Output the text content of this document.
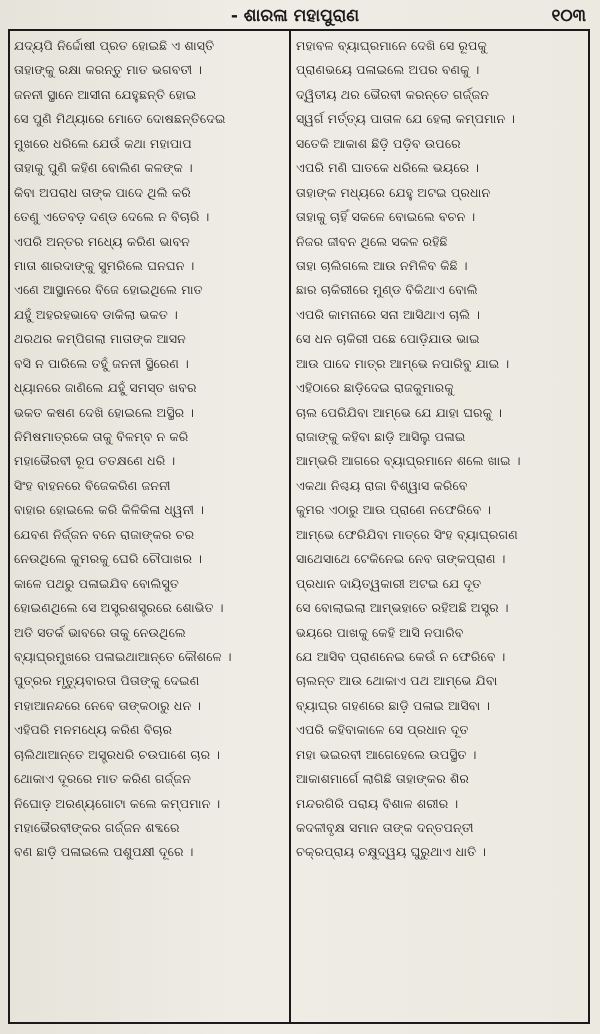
- ଶାରଳା ମହାପୁରାଣ	୧୦୩
ଯଦ୍ୟପି ନିର୍ଦ୍ଦୋଷୀ ପ୍ରତ ହୋଇଛି ଏ ଶାସ୍ତି
ତାହାଙ୍କୁ ରକ୍ଷା କରନ୍ତୁ ମାତ ଭଗବତୀ ।
ଜନନୀ ସ୍ଥାନେ ଆସୀନା ଯେହୁଛନ୍ତି ହୋଇ
ସେ ପୁଣି ମିଥ୍ୟାରେ ମୋତେ ଦୋଷଛନ୍ତିଦେଇ
ମୁଖରେ ଧରିଲେ ଯେଉଁ କଥା ମହାପାପ
ତାହାକୁ ପୁଣି କହିଣ ବୋଲିଣ କଳଙ୍କ ।
କିବା ଅପରାଧ ତାଙ୍କ ପାଦେ ଥିଲି କରି
ତେଣୁ ଏତେବଡ଼ ଦଣ୍ଡ ଦେଲେ ନ ବିଚାରି ।
ଏପରି ଅନ୍ତର ମଧ୍ୟେ କରିଣ ଭାବନ
ମାତା ଶାରଦାଙ୍କୁ ସୁମରିଲେ ଘନଘନ ।
ଏଣେ ଆସ୍ଥାନରେ ବିଜେ ହୋଇଥିଲେ ମାତ
ଯହୁଁ ଅହରହଭାବେ ଡାକିଲା ଭକତ ।
ଥରଥର କମ୍ପିଗଲା ମାତାଙ୍କ ଆସନ
ବସି ନ ପାରିଲେ ତହୁଁ ଜନନୀ ସ୍ଥିରେଣ ।
ଧ୍ୟାନରେ ଜାଣିଲେ ଯହୁଁ ସମସ୍ତ ଖବର
ଭକତ କଷଣ ଦେଖି ହୋଇଲେ ଅସ୍ଥିର ।
ନିମିଷମାତ୍ରକେ ତାକୁ ବିଳମ୍ବ ନ କରି
ମହାଭୈରବୀ ରୂପ ତତକ୍ଷଣେ ଧରି ।
ସିଂହ ବାହନରେ ବିଜେକରିଣ ଜନନୀ
ବାହାର ହୋଇଲେ କରି କିଳିକିଳା ଧ୍ୱନୀ ।
ଯେବଣ ନିର୍ଜ୍ଜନ ବନେ ରାଜାଙ୍କର ଚର
ନେଉଥିଲେ କୁମରକୁ ଘେରି ଚୌପାଖର ।
କାଳେ ପଥରୁ ପଳାଇଯିବ ବୋଲିସୁତ
ହୋଇଣଥିଲେ ସେ ଅସ୍ତ୍ରଶସ୍ତ୍ରରେ ଶୋଭିତ ।
ଅତି ସତର୍କ ଭାବରେ ତାକୁ ନେଉଥିଲେ
ବ୍ୟାଘ୍ରମୁଖରେ ପଳାଇଥାଆନ୍ତେ କୌଶଳେ ।
ପୁତ୍ରର ମୃତ୍ୟୁବାରତା ପିତାଙ୍କୁ ଦେଇଣ
ମହାଆନନ୍ଦରେ ନେବେ ତାଙ୍କଠାରୁ ଧନ ।
ଏହିପରି ମନମଧ୍ୟେ କରିଣ ବିଚାର
ଚାଲିଥାଆନ୍ତେ ଅସ୍ତ୍ରଧରି ଚଉପାଶେ ଚାର ।
ଥୋକାଏ ଦୂରରେ ମାତ କରିଣ ଗର୍ଜ୍ଜନ
ନିଘୋଡ଼ ଅରଣ୍ୟଗୋଟା କଲେ କମ୍ପମାନ ।
ମହାଭୈରବୀଙ୍କର ଗର୍ଜ୍ଜନ ଶବ୍ଦରେ
ବଣ ଛାଡ଼ି ପଳାଇଲେ ପଶୁପକ୍ଷୀ ଦୂରେ ।
ମହାବଳ ବ୍ୟାଘ୍ରମାନେ ଦେଖି ସେ ରୂପକୁ
ପ୍ରାଣଭୟେ ପଳାଇଲେ ଅପର ବଣକୁ ।
ଦ୍ୱିତୀୟ ଥର ଭୈରବୀ କରନ୍ତେ ଗର୍ଜ୍ଜନ
ସ୍ୱର୍ଗ ମର୍ତ୍ତ୍ୟ ପାତାଳ ଯେ ହେଲା କମ୍ପମାନ ।
ସତେକି ଆକାଶ ଛିଡ଼ି ପଡ଼ିବ ଉପରେ
ଏପରି ମଣି ଘାତକେ ଧରିଲେ ଭୟରେ ।
ତାହାଙ୍କ ମଧ୍ୟରେ ଯେହୁ ଅଟଇ ପ୍ରଧାନ
ତାହାକୁ ଚାହିଁ ସକଳେ ବୋଇଲେ ବଚନ ।
ନିଜର ଜୀବନ ଥିଲେ ସକଳ ରହିଛି
ତାହା ଚାଲିଗଲେ ଆଉ ନମିଳିବ କିଛି ।
ଛାର ଚାକିରୀରେ ମୁଣ୍ଡ ବିକିଥାଏ ବୋଲି
ଏପରି କାମନାରେ ସନା ଆସିଥାଏ ଚାଲି ।
ସେ ଧନ ଚାକିରୀ ପଛେ ପୋଡ଼ିଯାଉ ଭାଇ
ଆଉ ପାଦେ ମାତ୍ର ଆମ୍ଭେ ନପାରିବୁ ଯାଇ ।
ଏହିଠାରେ ଛାଡ଼ିଦେଇ ରାଜକୁମାରକୁ
ଚାଲ ପେରିଯିବା ଆମ୍ଭେ ଯେ ଯାହା ଘରକୁ ।
ରାଜାଙ୍କୁ କହିବା ଛାଡ଼ି ଆସିଲୁ ପଳାଇ
ଆମ୍ଭରି ଆଗରେ ବ୍ୟାଘ୍ରମାନେ ଶଲେ ଖାଇ ।
ଏକଥା ନିଶ୍ଚୟ ରାଜା ବିଶ୍ୱାସ କରିବେ
କୁମର ଏଠାରୁ ଆଉ ପ୍ରାଣେ ନଫେରିବେ ।
ଆମ୍ଭେ ଫେରିଯିବା ମାତ୍ରେ ସିଂହ ବ୍ୟାଘ୍ରଗଣ
ସାଥେସାଥେ ଟେକିନେଇ ନେବ ତାଙ୍କପ୍ରାଣ ।
ପ୍ରଧାନ ଦାୟିତ୍ୱକାରୀ ଅଟଇ ଯେ ଦୂତ
ସେ ବୋଲାଇଲା ଆମ୍ଭହାତେ ରହିଅଛି ଅସ୍ତ୍ର ।
ଭୟରେ ପାଖକୁ କେହି ଆସି ନପାରିବ
ଯେ ଆସିବ ପ୍ରାଣନେଇ କେଉଁ ନ ଫେରିବେ ।
ଚାଲନ୍ତ ଆଉ ଥୋକାଏ ପଥ ଆମ୍ଭେ ଯିବା
ବ୍ୟାଘ୍ର ଗହଣରେ ଛାଡ଼ି ପଳାଇ ଆସିବା ।
ଏପରି କହିବାକାଳେ ସେ ପ୍ରଧାନ ଦୂତ
ମହା ଭଇରବୀ ଆଗେହେଲେ ଉପସ୍ଥିତ ।
ଆକାଶମାର୍ଗେ ଲାଗିଛି ତାହାଙ୍କର ଶିର
ମନ୍ଦରଗିରି ପରାୟ ବିଶାଳ ଶରୀର ।
କଦଳୀବୃକ୍ଷ ସମାନ ତାଙ୍କ ଦନ୍ତପନ୍ତୀ
ଚକ୍ରପ୍ରାୟ ଚକ୍ଷୁଦ୍ୱୟ ଘୁରୁଥାଏ ଧାତି ।
